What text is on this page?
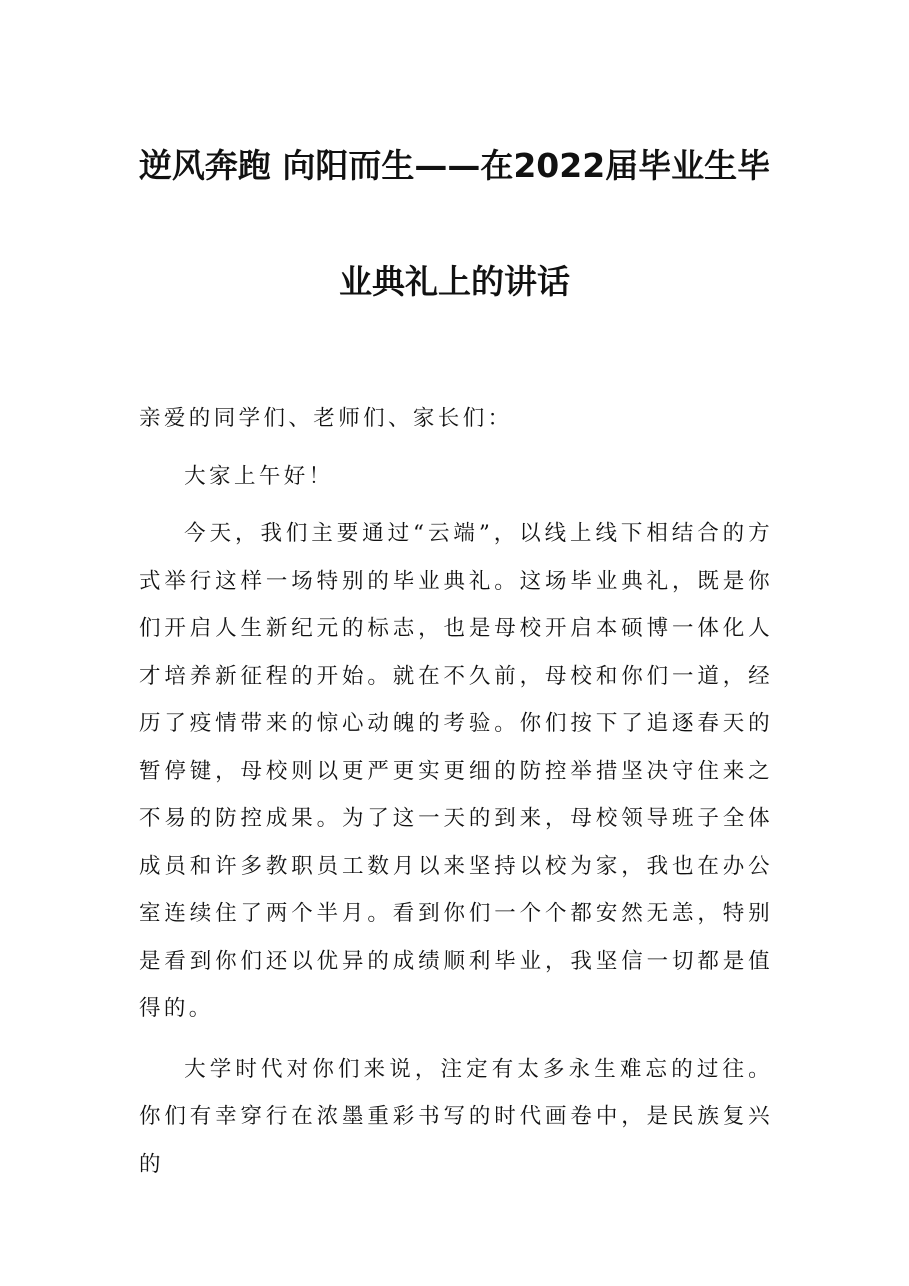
逆风奔跑 向阳而生——在2022届毕业生毕
业典礼上的讲话

亲爱的同学们、老师们、家长们：

大家上午好！

今天，我们主要通过“云端”，以线上线下相结合的方式举行这样一场特别的毕业典礼。这场毕业典礼，既是你们开启人生新纪元的标志，也是母校开启本硕博一体化人才培养新征程的开始。就在不久前，母校和你们一道，经历了疫情带来的惊心动魄的考验。你们按下了追逐春天的暂停键，母校则以更严更实更细的防控举措坚决守住来之不易的防控成果。为了这一天的到来，母校领导班子全体成员和许多教职员工数月以来坚持以校为家，我也在办公室连续住了两个半月。看到你们一个个都安然无恙，特别是看到你们还以优异的成绩顺利毕业，我坚信一切都是值得的。

大学时代对你们来说，注定有太多永生难忘的过往。你们有幸穿行在浓墨重彩书写的时代画卷中，是民族复兴的
